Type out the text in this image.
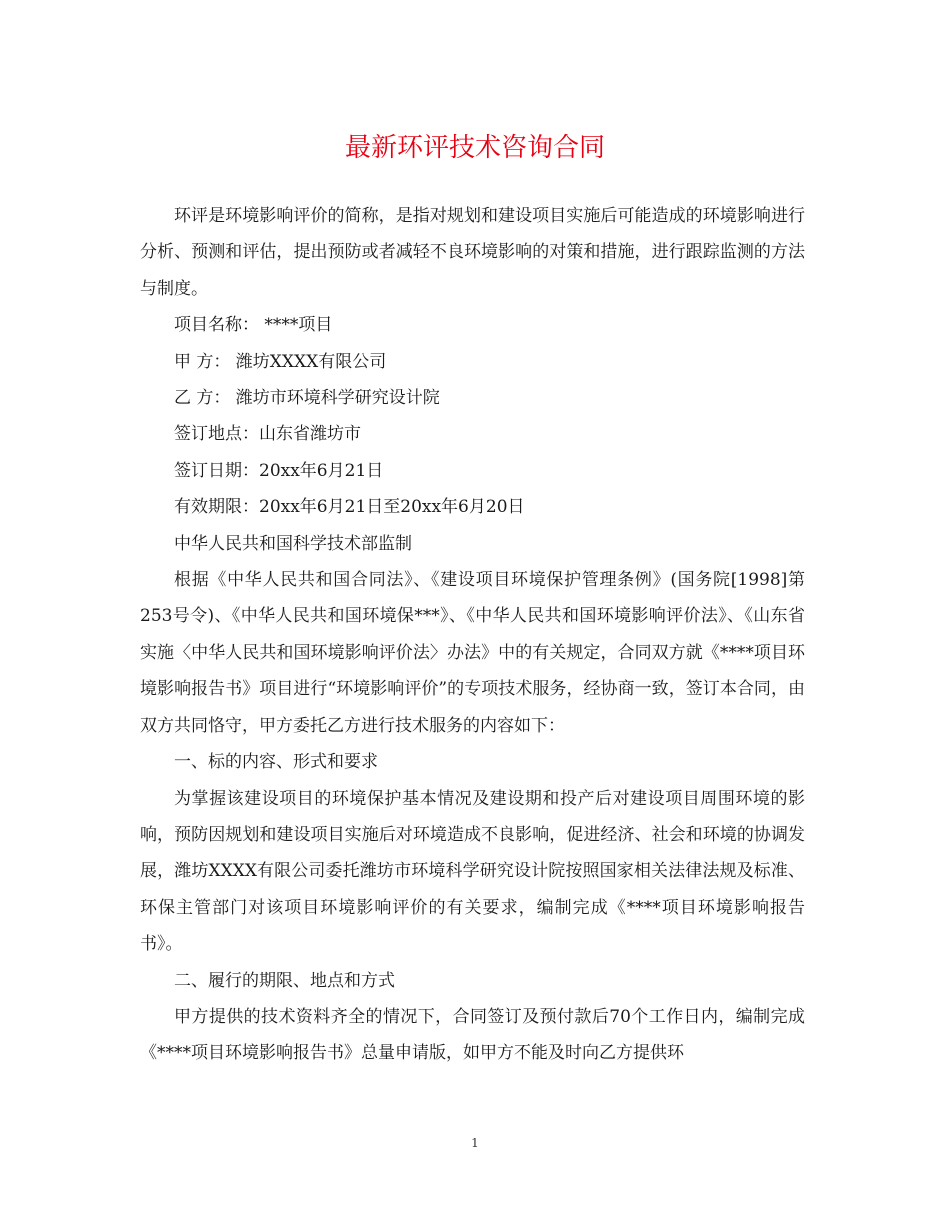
最新环评技术咨询合同

环评是环境影响评价的简称，是指对规划和建设项目实施后可能造成的环境影响进行分析、预测和评估，提出预防或者减轻不良环境影响的对策和措施，进行跟踪监测的方法与制度。

项目名称： ****项目

甲 方： 潍坊XXXX有限公司

乙 方： 潍坊市环境科学研究设计院

签订地点：山东省潍坊市

签订日期：20xx年6月21日

有效期限：20xx年6月21日至20xx年6月20日

中华人民共和国科学技术部监制

根据《中华人民共和国合同法》、《建设项目环境保护管理条例》(国务院[1998]第253号令)、《中华人民共和国环境保***》、《中华人民共和国环境影响评价法》、《山东省实施〈中华人民共和国环境影响评价法〉办法》中的有关规定，合同双方就《****项目环境影响报告书》项目进行“环境影响评价”的专项技术服务，经协商一致，签订本合同，由双方共同恪守，甲方委托乙方进行技术服务的内容如下：

一、标的内容、形式和要求

为掌握该建设项目的环境保护基本情况及建设期和投产后对建设项目周围环境的影响，预防因规划和建设项目实施后对环境造成不良影响，促进经济、社会和环境的协调发展，潍坊XXXX有限公司委托潍坊市环境科学研究设计院按照国家相关法律法规及标准、环保主管部门对该项目环境影响评价的有关要求，编制完成《****项目环境影响报告书》。

二、履行的期限、地点和方式

甲方提供的技术资料齐全的情况下，合同签订及预付款后70个工作日内，编制完成《****项目环境影响报告书》总量申请版，如甲方不能及时向乙方提供环

1
